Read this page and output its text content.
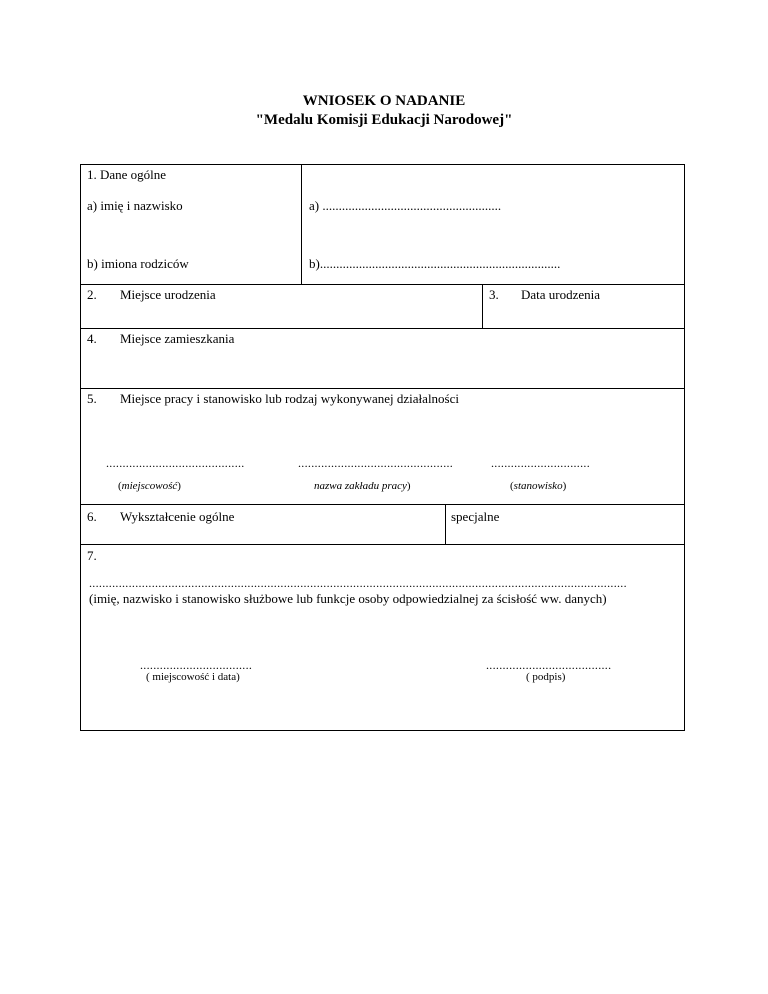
WNIOSEK O NADANIE
"Medalu Komisji Edukacji Narodowej"
1. Dane ogólne
a) imię i nazwisko	a) .......................................................
b) imiona rodziców	b)..........................................................................
2. Miejsce urodzenia	3. Data urodzenia
4. Miejsce zamieszkania
5. Miejsce pracy i stanowisko lub rodzaj wykonywanej działalności
..........................................	...............................................	..............................
(miejscowość)	nazwa zakładu pracy)	(stanowisko)
6. Wykształcenie ogólne	specjalne
7.
...................................................................................................................................................................
(imię, nazwisko i stanowisko służbowe lub funkcje osoby odpowiedzialnej za ścisłość ww. danych)
..................................
( miejscowość i data)
......................................
( podpis)
